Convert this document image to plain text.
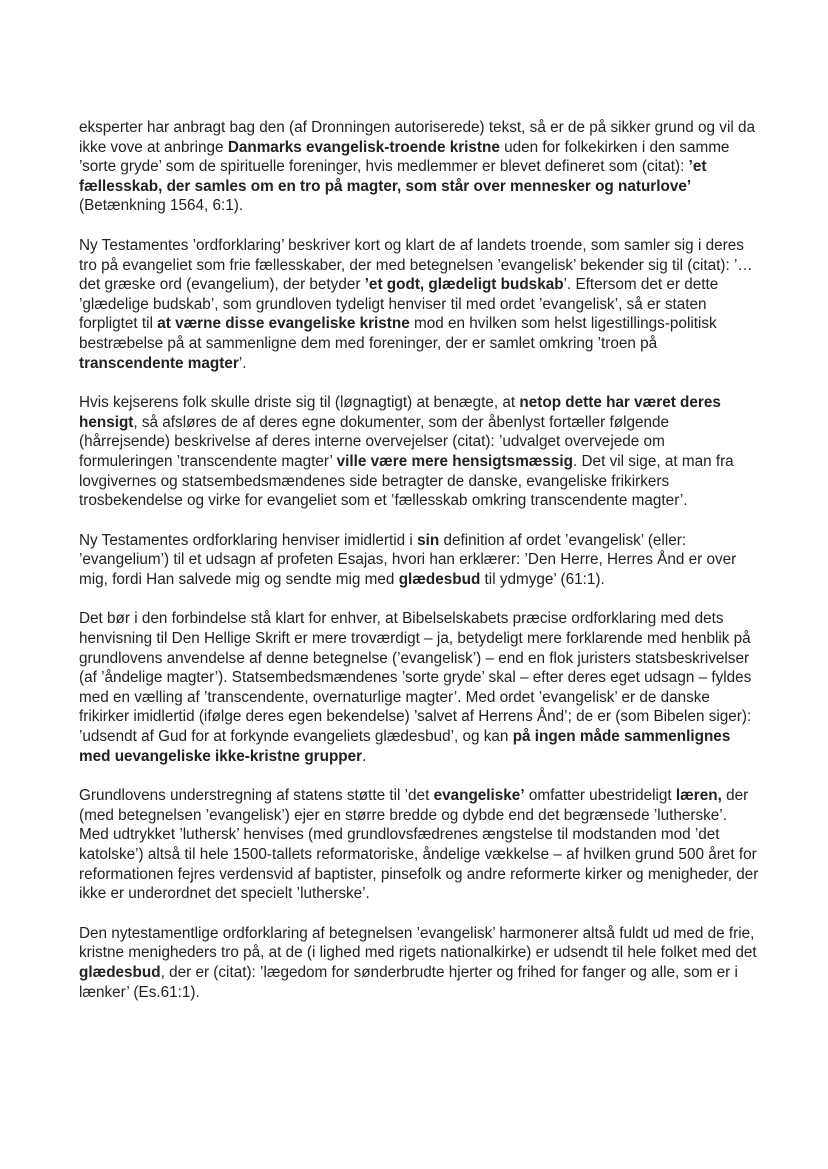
eksperter har anbragt bag den (af Dronningen autoriserede) tekst, så er de på sikker grund og vil da ikke vove at anbringe Danmarks evangelisk-troende kristne uden for folkekirken i den samme ’sorte gryde’ som de spirituelle foreninger, hvis medlemmer er blevet defineret som (citat): ’et fællesskab, der samles om en tro på magter, som står over mennesker og naturlove’ (Betænkning 1564, 6:1).

Ny Testamentes ’ordforklaring’ beskriver kort og klart de af landets troende, som samler sig i deres tro på evangeliet som frie fællesskaber, der med betegnelsen ’evangelisk’ bekender sig til (citat): ’…det græske ord (evangelium), der betyder ’et godt, glædeligt budskab’. Eftersom det er dette ’glædelige budskab’, som grundloven tydeligt henviser til med ordet ’evangelisk’, så er staten forpligtet til at værne disse evangeliske kristne mod en hvilken som helst ligestillings-politisk bestræbelse på at sammenligne dem med foreninger, der er samlet omkring ’troen på transcendente magter’.

Hvis kejserens folk skulle driste sig til (løgnagtigt) at benægte, at netop dette har været deres hensigt, så afsløres de af deres egne dokumenter, som der åbenlyst fortæller følgende (hårrejsende) beskrivelse af deres interne overvejelser (citat): ’udvalget overvejede om formuleringen ’transcendente magter’ ville være mere hensigtsmæssig. Det vil sige, at man fra lovgivernes og statsembedsmændenes side betragter de danske, evangeliske frikirkers trosbekendelse og virke for evangeliet som et ’fællesskab omkring transcendente magter’.

Ny Testamentes ordforklaring henviser imidlertid i sin definition af ordet ’evangelisk’ (eller: ’evangelium’) til et udsagn af profeten Esajas, hvori han erklærer: ’Den Herre, Herres Ånd er over mig, fordi Han salvede mig og sendte mig med glædesbud til ydmyge’ (61:1).

Det bør i den forbindelse stå klart for enhver, at Bibelselskabets præcise ordforklaring med dets henvisning til Den Hellige Skrift er mere troværdigt – ja, betydeligt mere forklarende med henblik på grundlovens anvendelse af denne betegnelse (’evangelisk’) – end en flok juristers statsbeskrivelser (af ’åndelige magter’). Statsembedsmændenes ’sorte gryde’ skal – efter deres eget udsagn – fyldes med en vælling af ’transcendente, overnaturlige magter’. Med ordet ’evangelisk’ er de danske frikirker imidlertid (ifølge deres egen bekendelse) ’salvet af Herrens Ånd’; de er (som Bibelen siger): ’udsendt af Gud for at forkynde evangeliets glædesbud’, og kan på ingen måde sammenlignes med uevangeliske ikke-kristne grupper.

Grundlovens understregning af statens støtte til ’det evangeliske’ omfatter ubestrideligt læren, der (med betegnelsen ’evangelisk’) ejer en større bredde og dybde end det begrænsede ’lutherske’. Med udtrykket ’luthersk’ henvises (med grundlovsfædrenes ængstelse til modstanden mod ’det katolske’) altså til hele 1500-tallets reformatoriske, åndelige vækkelse – af hvilken grund 500 året for reformationen fejres verdensvid af baptister, pinsefolk og andre reformerte kirker og menigheder, der ikke er underordnet det specielt ’lutherske’.

Den nytestamentlige ordforklaring af betegnelsen ’evangelisk’ harmonerer altså fuldt ud med de frie, kristne menigheders tro på, at de (i lighed med rigets nationalkirke) er udsendt til hele folket med det glædesbud, der er (citat): ’lægedom for sønderbrudte hjerter og frihed for fanger og alle, som er i lænker’ (Es.61:1).
